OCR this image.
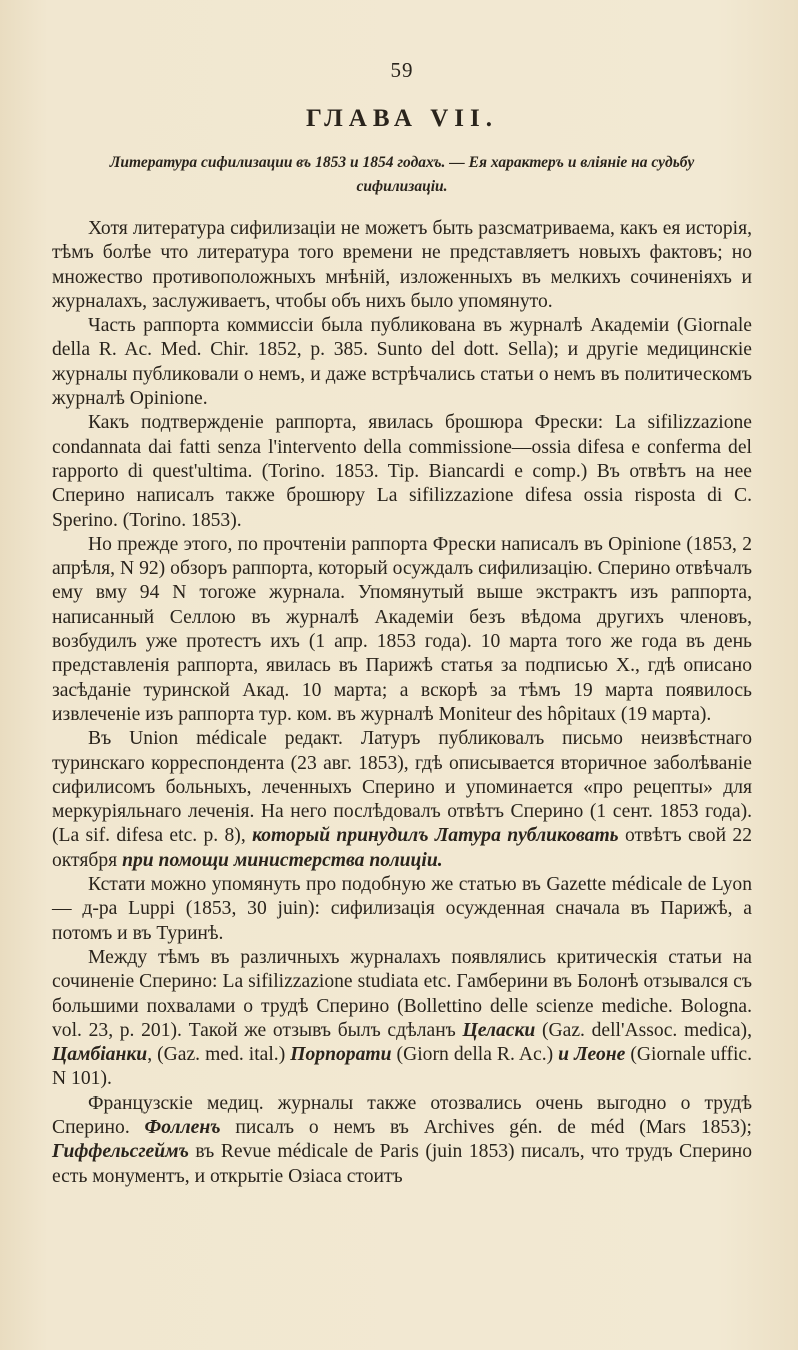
59
ГЛАВА VII.
Литература сифилизации въ 1853 и 1854 годахъ. — Ея характеръ и вліяніе на судьбу сифилизаціи.

Хотя литература сифилизаціи не можетъ быть разсматриваема, какъ ея исторія, тѣмъ болѣе что литература того времени не представляетъ новыхъ фактовъ; но множество противоположныхъ мнѣній, изложенныхъ въ мелкихъ сочиненіяхъ и журналахъ, заслуживаетъ, чтобы объ нихъ было упомянуто.

Часть раппорта коммиссіи была публикована въ журналѣ Академіи (Giornale della R. Ac. Med. Chir. 1852, p. 385. Sunto del dott. Sella); и другіе медицинскіе журналы публиковали о немъ, и даже встрѣчались статьи о немъ въ политическомъ журналѣ Opinione.

Какъ подтвержденіе раппорта, явилась брошюра Фрески: La sifilizzazione condannata dai fatti senza l'intervento della commissione—ossia difesa e conferma del rapporto di quest'ultima. (Torino. 1853. Tip. Biancardi e comp.) Въ отвѣтъ на нее Сперино написалъ также брошюру La sifilizzazione difesa ossia risposta di C. Sperino. (Torino. 1853).

Но прежде этого, по прочтеніи раппорта Фрески написалъ въ Opinione (1853, 2 апрѣля, N 92) обзоръ раппорта, который осуждалъ сифилизацію. Сперино отвѣчалъ ему вму 94 N тогоже журнала. Упомянутый выше экстрактъ изъ раппорта, написанный Селлою въ журналѣ Академіи безъ вѣдома другихъ членовъ, возбудилъ уже протестъ ихъ (1 апр. 1853 года). 10 марта того же года въ день представленія раппорта, явилась въ Парижѣ статья за подписью X., гдѣ описано засѣданіе туринской Акад. 10 марта; а вскорѣ за тѣмъ 19 марта появилось извлеченіе изъ раппорта тур. ком. въ журналѣ Moniteur des hôpitaux (19 марта).

Въ Union médicale редакт. Латуръ публиковалъ письмо неизвѣстнаго туринскаго корреспондента (23 авг. 1853), гдѣ описывается вторичное заболѣваніе сифилисомъ больныхъ, леченныхъ Сперино и упоминается «про рецепты» для меркуріяльнаго леченія. На него послѣдовалъ отвѣтъ Сперино (1 сент. 1853 года). (La sif. difesa etc. p. 8), который принудилъ Латура публиковать отвѣтъ свой 22 октября при помощи министерства полиціи.

Кстати можно упомянуть про подобную же статью въ Gazette médicale de Lyon — д-ра Luppi (1853, 30 juin): сифилизація осужденная сначала въ Парижѣ, а потомъ и въ Туринѣ.

Между тѣмъ въ различныхъ журналахъ появлялись критическія статьи на сочиненіе Сперино: La sifilizzazione studiata etc. Гамберини въ Болонѣ отзывался съ большими похвалами о трудѣ Сперино (Bollettino delle scienze mediche. Bologna. vol. 23, p. 201). Такой же отзывъ былъ сдѣланъ Целаски (Gaz. dell'Assoc. medica), Цамбіанки, (Gaz. med. ital.) Порпорати (Giorn della R. Ac.) и Леоне (Giornale uffic. N 101).

Французскіе медиц. журналы также отозвались очень выгодно о трудѣ Сперино. Фолленъ писалъ о немъ въ Archives gén. de méd (Mars 1853); Гиффельсгеймъ въ Revue médicale de Paris (juin 1853) писалъ, что трудъ Сперино есть монументъ, и открытіе Озіаса стоитъ
